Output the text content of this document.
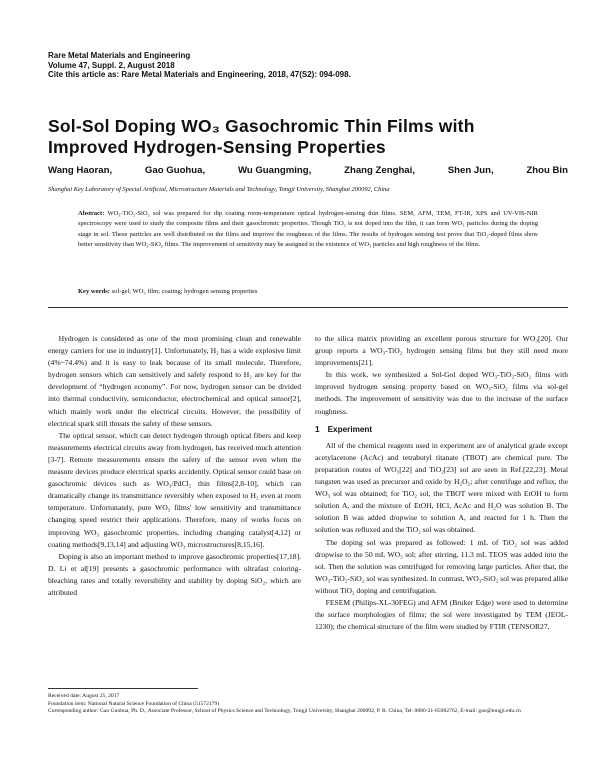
Rare Metal Materials and Engineering
Volume 47, Suppl. 2, August 2018
Cite this article as: Rare Metal Materials and Engineering, 2018, 47(S2): 094-098.
Sol-Sol Doping WO₃ Gasochromic Thin Films with
Improved Hydrogen-Sensing Properties
Wang Haoran,	Gao Guohua,	Wu Guangming,	Zhang Zenghai,	Shen Jun,	Zhou Bin
Shanghai Key Laboratory of Special Artificial, Microstructure Materials and Technology, Tongji University, Shanghai 200092, China
Abstract: WO₃-TiO₂-SiO₂ sol was prepared for dip coating room-temperature optical hydrogen-sensing thin films. SEM, AFM, TEM, FT-IR, XPS and UV-VIS-NIR spectroscopy were used to study the composite films and their gasochromic properties. Though TiO₂ is not doped into the film, it can form WO₃ particles during the doping stage in sol. These particles are well distributed on the films and improve the roughness of the films. The results of hydrogen sensing test prove that TiO₂-doped films show better sensitivity than WO₃-SiO₂ films. The improvement of sensitivity may be assigned to the existence of WO₃ particles and high roughness of the films.
Key words: sol-gel; WO₃ film; coating; hydrogen sensing properties

Hydrogen is considered as one of the most promising clean and renewable energy carriers for use in industry[1]. Unfortunately, H₂ has a wide explosive limit (4%~74.4%) and it is easy to leak because of its small molecule. Therefore, hydrogen sensors which can sensitively and safely respond to H₂ are key for the development of “hydrogen economy”. For now, hydrogen sensor can be divided into thermal conductivity, semiconductor, electrochemical and optical sensor[2], which mainly work under the electrical circuits. However, the possibility of electrical spark still threats the safety of these sensors.

The optical sensor, which can detect hydrogen through optical fibers and keep measurements electrical circuits away from hydrogen, has received much attention [3-7]. Remote measurements ensure the safety of the sensor even when the measure devices produce electrical sparks accidently. Optical sensor could base on gasochromic devices such as WO₃/PdCl₂ thin films[2,8-10], which can dramatically change its transmittance reversibly when exposed to H₂ even at room temperature. Unfortunately, pure WO₃ films' low sensitivity and transmittance changing speed restrict their applications. Therefore, many of works focus on improving WO₃ gasochromic properties, including changing catalyst[4,12] or coating methods[9,13,14] and adjusting WO₃ microstructures[8,15,16].

Doping is also an important method to improve gasochromic properties[17,18]. D. Li et al[19] presents a gasochromic performance with ultrafast coloring-bleaching rates and totally reversibility and stability by doping SiO₂, which are attributed

to the silica matrix providing an excellent porous structure for WO₃[20]. Our group reports a WO₃-TiO₂ hydrogen sensing films but they still need more improvements[21].

In this work, we synthesized a Sol-Gol doped WO₃-TiO₂-SiO₂ films with improved hydrogen sensing property based on WO₃-SiO₂ films via sol-gel methods. The improvement of sensitivity was due to the increase of the surface roughness.

1 Experiment

All of the chemical reagents used in experiment are of analytical grade except acetylacetone (AcAc) and tetrabutyl titanate (TBOT) are chemical pure. The preparation routes of WO₃[22] and TiO₂[23] sol are seen in Ref.[22,23]. Metal tungsten was used as precursor and oxide by H₂O₂; after centrifuge and reflux, the WO₃ sol was obtained; for TiO₂ sol, the TBOT were mixed with EtOH to form solution A, and the mixture of EtOH, HCl, AcAc and H₂O was solution B. The solution B was added dropwise to solution A, and reacted for 1 h. Then the solution was refluxed and the TiO₂ sol was obtained.

The doping sol was prepared as followed: 1 mL of TiO₂ sol was added dropwise to the 50 mL WO₃ sol; after stirring, 11.3 mL TEOS was added into the sol. Then the solution was centrifuged for removing large particles. After that, the WO₃-TiO₂-SiO₂ sol was synthesized. In contrast, WO₃-SiO₂ sol was prepared alike without TiO₂ doping and centrifugation.

FESEM (Philips-XL-30FEG) and AFM (Bruker Edge) were used to determine the surface morphologies of films; the sol were investigated by TEM (JEOL-1230); the chemical structure of the film were studied by FTIR (TENSOR27,

Received date: August 25, 2017
Foundation item: National Natural Science Foundation of China (51572179)
Corresponding author: Gao Guohua, Ph. D., Associate Professor, School of Physics Science and Technology, Tongji University, Shanghai 200092, P. R. China, Tel: 0086-21-65982762, E-mail: gao@tongji.edu.cn
